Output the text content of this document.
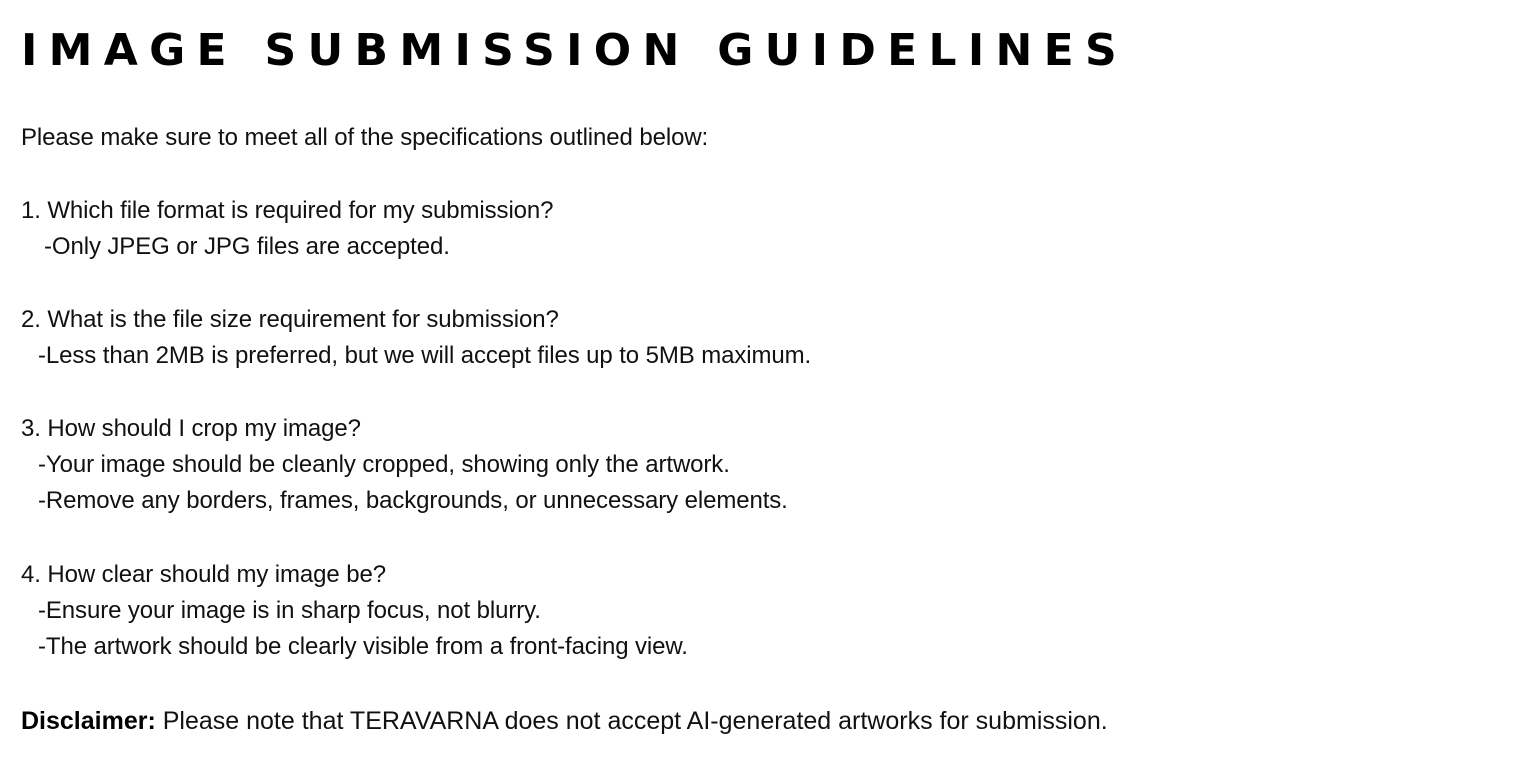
IMAGE SUBMISSION GUIDELINES
Please make sure to meet all of the specifications outlined below:
1. Which file format is required for my submission?
-Only JPEG or JPG files are accepted.
2. What is the file size requirement for submission?
-Less than 2MB is preferred, but we will accept files up to 5MB maximum.
3. How should I crop my image?
-Your image should be cleanly cropped, showing only the artwork.
-Remove any borders, frames, backgrounds, or unnecessary elements.
4. How clear should my image be?
-Ensure your image is in sharp focus, not blurry.
-The artwork should be clearly visible from a front-facing view.
Disclaimer: Please note that TERAVARNA does not accept AI-generated artworks for submission.
